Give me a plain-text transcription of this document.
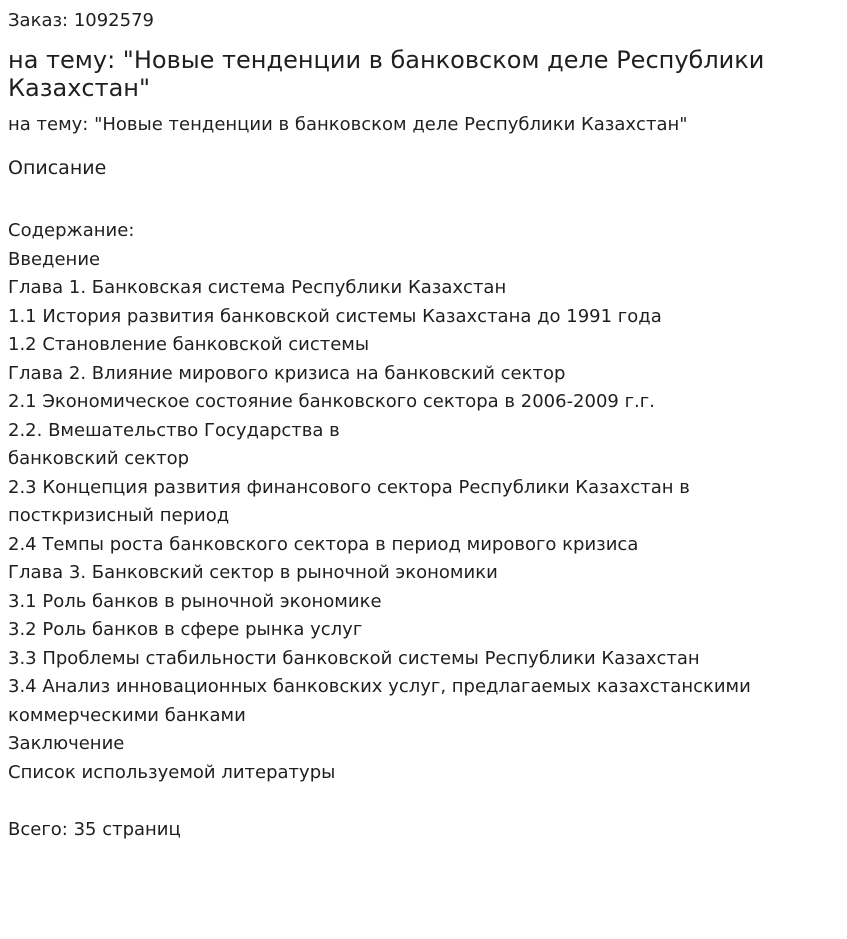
Заказ: 1092579

на тему: "Новые тенденции в банковском деле Республики Казахстан"

на тему: "Новые тенденции в банковском деле Республики Казахстан"

Описание

Содержание:

Введение
Глава 1. Банковская система Республики Казахстан
1.1 История развития банковской системы Казахстана до 1991 года
1.2 Становление банковской системы
Глава 2. Влияние мирового кризиса на банковский сектор
2.1 Экономическое состояние банковского сектора в 2006-2009 г.г.
2.2. Вмешательство Государства в банковский сектор
2.3 Концепция развития финансового сектора Республики Казахстан в посткризисный период
2.4 Темпы роста банковского сектора в период мирового кризиса
Глава 3. Банковский сектор в рыночной экономики
3.1 Роль банков в рыночной экономике
3.2 Роль банков в сфере рынка услуг
3.3 Проблемы стабильности банковской системы Республики Казахстан
3.4 Анализ инновационных банковских услуг, предлагаемых казахстанскими коммерческими банками
Заключение
Список используемой литературы

Всего: 35 страниц
